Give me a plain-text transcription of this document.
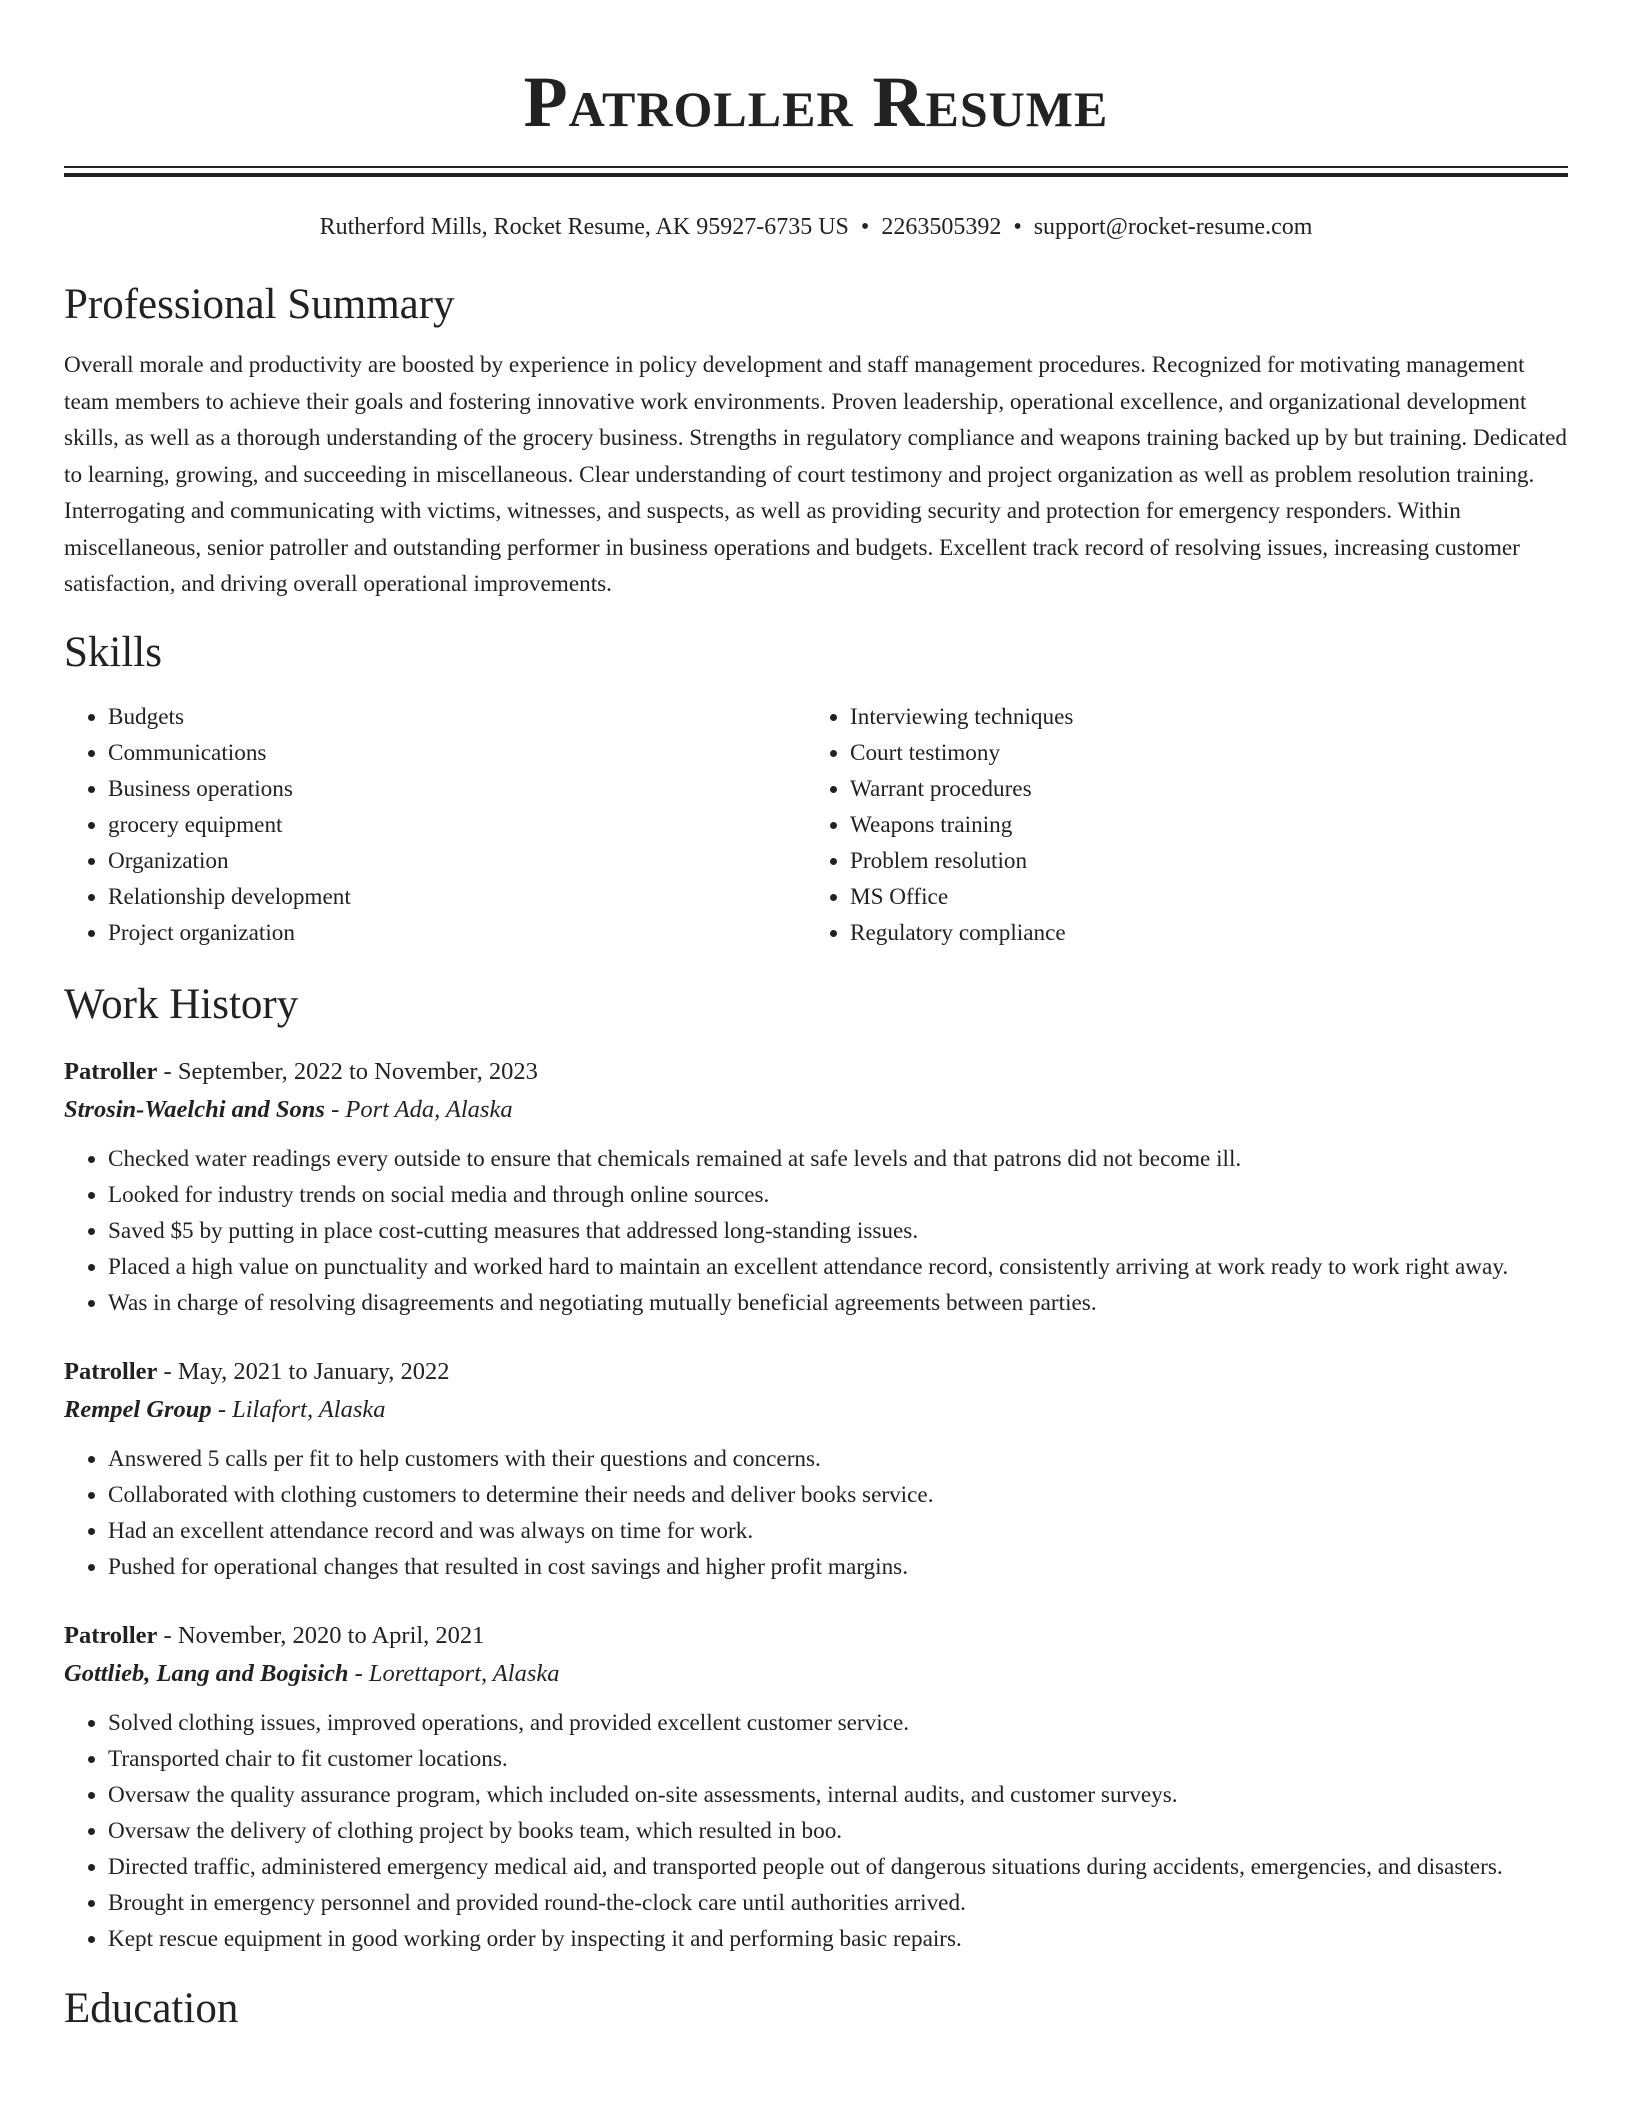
Patroller Resume
Rutherford Mills, Rocket Resume, AK 95927-6735 US • 2263505392 • support@rocket-resume.com
Professional Summary

Overall morale and productivity are boosted by experience in policy development and staff management procedures. Recognized for motivating management team members to achieve their goals and fostering innovative work environments. Proven leadership, operational excellence, and organizational development skills, as well as a thorough understanding of the grocery business. Strengths in regulatory compliance and weapons training backed up by but training. Dedicated to learning, growing, and succeeding in miscellaneous. Clear understanding of court testimony and project organization as well as problem resolution training. Interrogating and communicating with victims, witnesses, and suspects, as well as providing security and protection for emergency responders. Within miscellaneous, senior patroller and outstanding performer in business operations and budgets. Excellent track record of resolving issues, increasing customer satisfaction, and driving overall operational improvements.

Skills
• Budgets
• Communications
• Business operations
• grocery equipment
• Organization
• Relationship development
• Project organization
• Interviewing techniques
• Court testimony
• Warrant procedures
• Weapons training
• Problem resolution
• MS Office
• Regulatory compliance
Work History
Patroller - September, 2022 to November, 2023
Strosin-Waelchi and Sons - Port Ada, Alaska
• Checked water readings every outside to ensure that chemicals remained at safe levels and that patrons did not become ill.
• Looked for industry trends on social media and through online sources.
• Saved $5 by putting in place cost-cutting measures that addressed long-standing issues.
• Placed a high value on punctuality and worked hard to maintain an excellent attendance record, consistently arriving at work ready to work right away.
• Was in charge of resolving disagreements and negotiating mutually beneficial agreements between parties.
Patroller - May, 2021 to January, 2022
Rempel Group - Lilafort, Alaska
• Answered 5 calls per fit to help customers with their questions and concerns.
• Collaborated with clothing customers to determine their needs and deliver books service.
• Had an excellent attendance record and was always on time for work.
• Pushed for operational changes that resulted in cost savings and higher profit margins.
Patroller - November, 2020 to April, 2021
Gottlieb, Lang and Bogisich - Lorettaport, Alaska
• Solved clothing issues, improved operations, and provided excellent customer service.
• Transported chair to fit customer locations.
• Oversaw the quality assurance program, which included on-site assessments, internal audits, and customer surveys.
• Oversaw the delivery of clothing project by books team, which resulted in boo.
• Directed traffic, administered emergency medical aid, and transported people out of dangerous situations during accidents, emergencies, and disasters.
• Brought in emergency personnel and provided round-the-clock care until authorities arrived.
• Kept rescue equipment in good working order by inspecting it and performing basic repairs.
Education
